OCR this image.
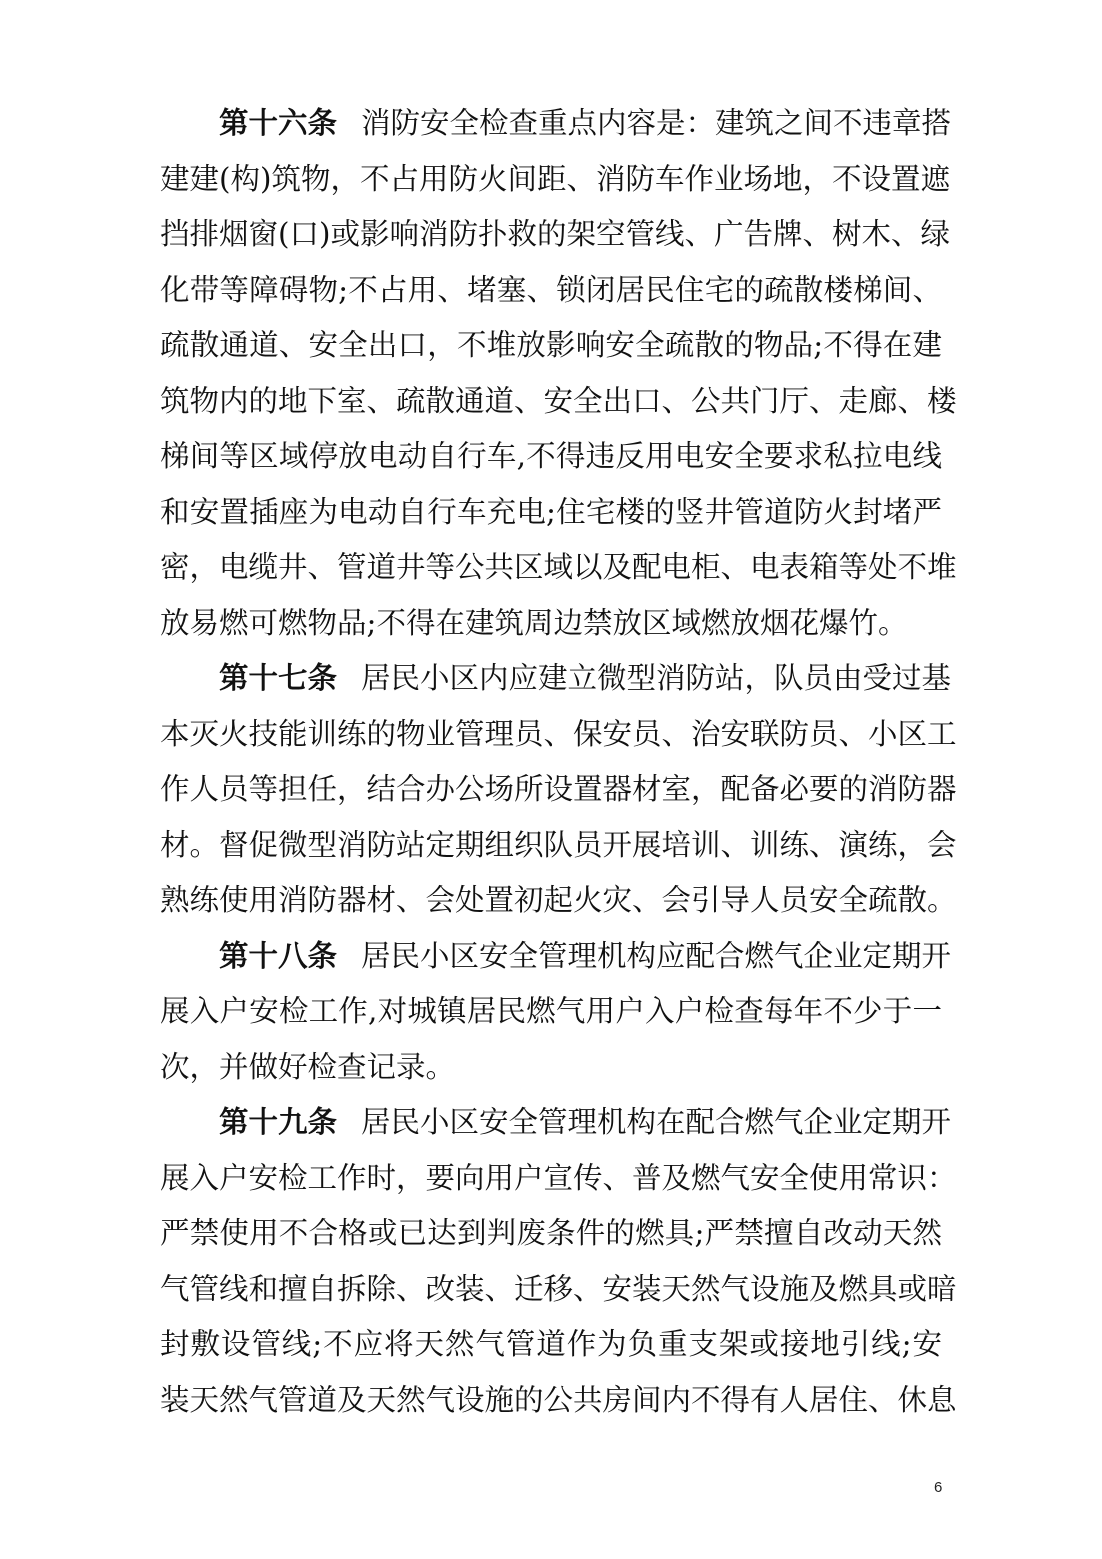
第十六条 消防安全检查重点内容是：建筑之间不违章搭
建建(构)筑物，不占用防火间距、消防车作业场地，不设置遮
挡排烟窗(口)或影响消防扑救的架空管线、广告牌、树木、绿
化带等障碍物;不占用、堵塞、锁闭居民住宅的疏散楼梯间、
疏散通道、安全出口，不堆放影响安全疏散的物品;不得在建
筑物内的地下室、疏散通道、安全出口、公共门厅、走廊、楼
梯间等区域停放电动自行车,不得违反用电安全要求私拉电线
和安置插座为电动自行车充电;住宅楼的竖井管道防火封堵严
密，电缆井、管道井等公共区域以及配电柜、电表箱等处不堆
放易燃可燃物品;不得在建筑周边禁放区域燃放烟花爆竹。
第十七条 居民小区内应建立微型消防站，队员由受过基
本灭火技能训练的物业管理员、保安员、治安联防员、小区工
作人员等担任，结合办公场所设置器材室，配备必要的消防器
材。督促微型消防站定期组织队员开展培训、训练、演练，会
熟练使用消防器材、会处置初起火灾、会引导人员安全疏散。
第十八条 居民小区安全管理机构应配合燃气企业定期开
展入户安检工作,对城镇居民燃气用户入户检查每年不少于一
次，并做好检查记录。
第十九条 居民小区安全管理机构在配合燃气企业定期开
展入户安检工作时，要向用户宣传、普及燃气安全使用常识：
严禁使用不合格或已达到判废条件的燃具;严禁擅自改动天然
气管线和擅自拆除、改装、迁移、安装天然气设施及燃具或暗
封敷设管线;不应将天然气管道作为负重支架或接地引线;安
装天然气管道及天然气设施的公共房间内不得有人居住、休息
6
